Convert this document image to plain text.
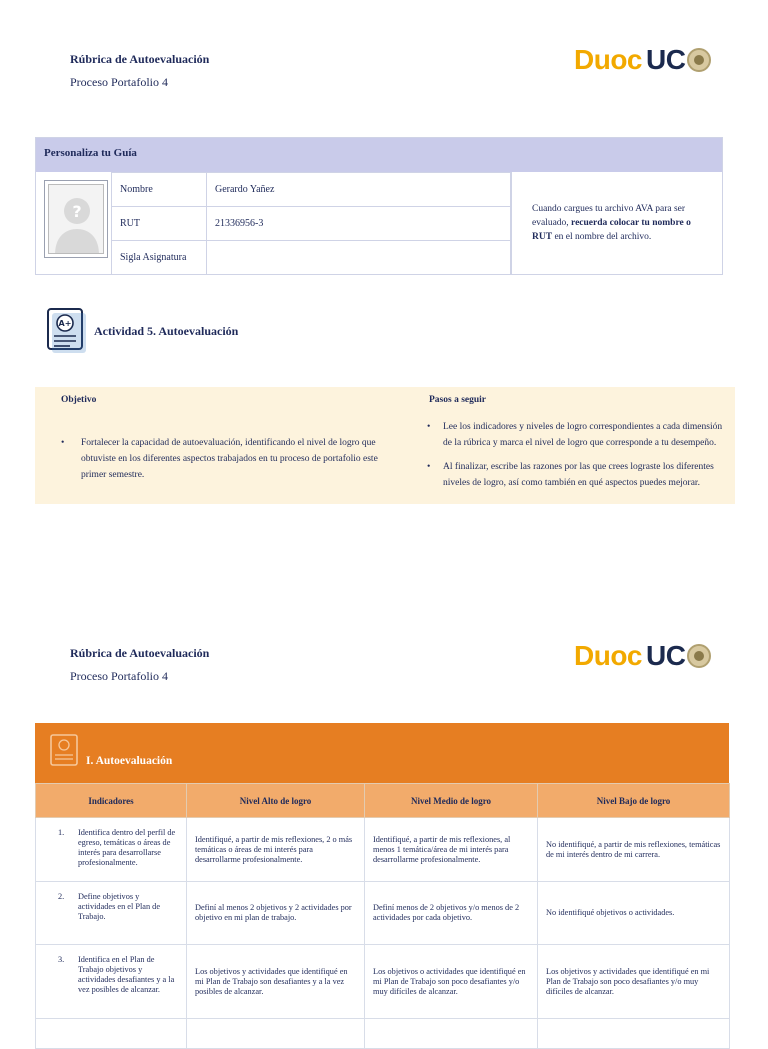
Rúbrica de Autoevaluación
Proceso Portafolio 4
Duoc UC
Personaliza tu Guía
?
Nombre	Gerardo Yañez
RUT	21336956-3
Sigla Asignatura	
Cuando cargues tu archivo AVA para ser evaluado, recuerda colocar tu nombre o RUT en el nombre del archivo.
A+
Actividad 5. Autoevaluación
Objetivo
•	Fortalecer la capacidad de autoevaluación, identificando el nivel de logro que obtuviste en los diferentes aspectos trabajados en tu proceso de portafolio este primer semestre.
Pasos a seguir
•	Lee los indicadores y niveles de logro correspondientes a cada dimensión de la rúbrica y marca el nivel de logro que corresponde a tu desempeño.
•	Al finalizar, escribe las razones por las que crees lograste los diferentes niveles de logro, así como también en qué aspectos puedes mejorar.
Rúbrica de Autoevaluación
Proceso Portafolio 4
Duoc UC
I. Autoevaluación
Indicadores	Nivel Alto de logro	Nivel Medio de logro	Nivel Bajo de logro

1. Identifica dentro del perfil de egreso, temáticas o áreas de interés para desarrollarse profesionalmente.	Identifiqué, a partir de mis reflexiones, 2 o más temáticas o áreas de mi interés para desarrollarme profesionalmente.	Identifiqué, a partir de mis reflexiones, al menos 1 temática/área de mi interés para desarrollarme profesionalmente.	No identifiqué, a partir de mis reflexiones, temáticas de mi interés dentro de mi carrera.

2. Define objetivos y actividades en el Plan de Trabajo.	Definí al menos 2 objetivos y 2 actividades por objetivo en mi plan de trabajo.	Definí menos de 2 objetivos y/o menos de 2 actividades por cada objetivo.	No identifiqué objetivos o actividades.

3. Identifica en el Plan de Trabajo objetivos y actividades desafiantes y a la vez posibles de alcanzar.	Los objetivos y actividades que identifiqué en mi Plan de Trabajo son desafiantes y a la vez posibles de alcanzar.	Los objetivos o actividades que identifiqué en mi Plan de Trabajo son poco desafiantes y/o muy difíciles de alcanzar.	Los objetivos y actividades que identifiqué en mi Plan de Trabajo son poco desafiantes y/o muy difíciles de alcanzar.
